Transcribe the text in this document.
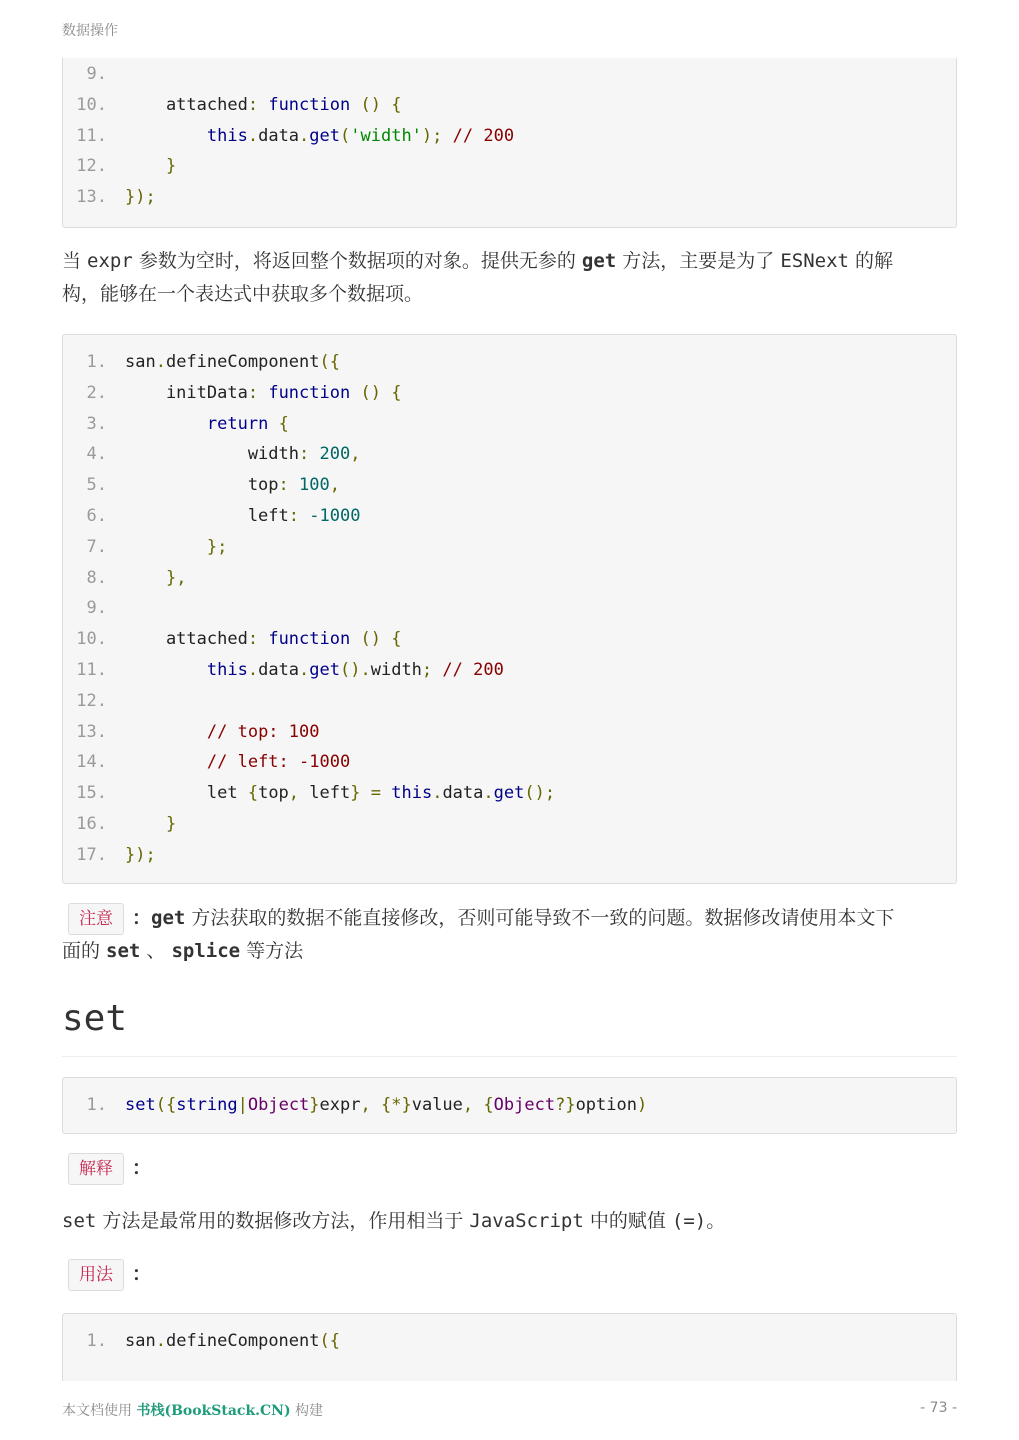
数据操作
9.
10. attached: function () {
11.	this.data.get('width'); // 200
12.	}
13. });
当 expr 参数为空时，将返回整个数据项的对象。提供无参的 get 方法，主要是为了 ESNext 的解
构，能够在一个表达式中获取多个数据项。
1. san.defineComponent({
2. initData: function () {
3.	return {
4. width: 200,
5. top: 100,
6. left: -1000
7.	};
8.	},
9.
10. attached: function () {
11.	this.data.get().width; // 200
12.
13.	// top: 100
14.	// left: -1000
15. let {top, left} = this.data.get();
16.	}
17. });
注意 ：get 方法获取的数据不能直接修改，否则可能导致不一致的问题。数据修改请使用本文下
面的 set 、 splice 等方法
set
1. set({string|Object}expr, {*}value, {Object?}option)
解释 ：
set 方法是最常用的数据修改方法，作用相当于 JavaScript 中的赋值 (=)。
用法 ：
1. san.defineComponent({
本文档使用 书栈(BookStack.CN) 构建	- 73 -
